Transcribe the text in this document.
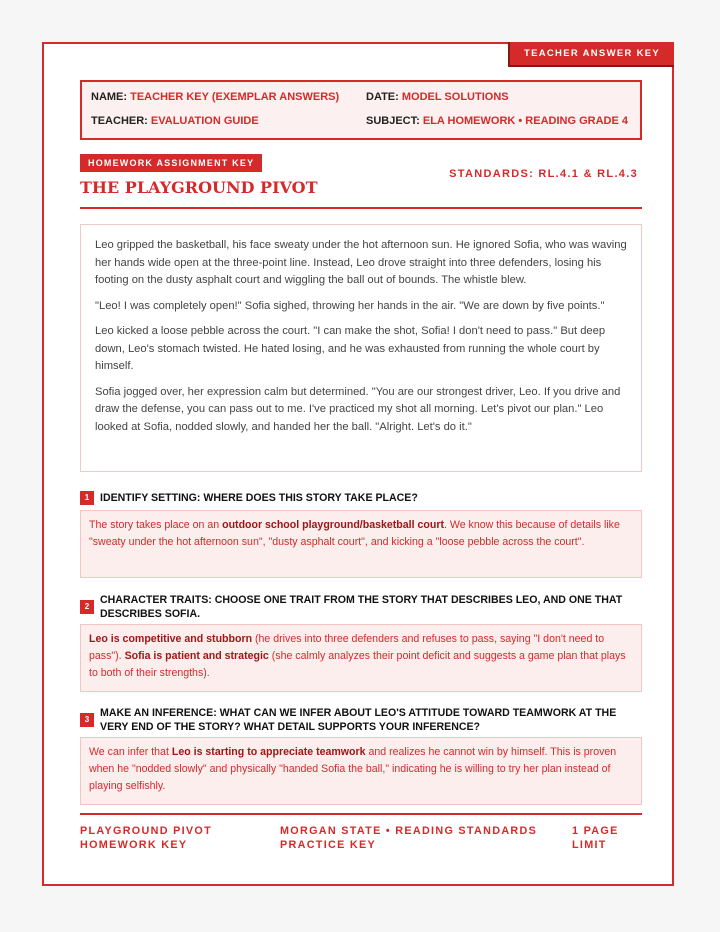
TEACHER ANSWER KEY
NAME: TEACHER KEY (EXEMPLAR ANSWERS) DATE: MODEL SOLUTIONS
TEACHER: EVALUATION GUIDE	SUBJECT: ELA HOMEWORK • READING GRADE 4
HOMEWORK ASSIGNMENT KEY
THE PLAYGROUND PIVOT
STANDARDS: RL.4.1 & RL.4.3

Leo gripped the basketball, his face sweaty under the hot afternoon sun. He ignored Sofia, who was waving her hands wide open at the three-point line. Instead, Leo drove straight into three defenders, losing his footing on the dusty asphalt court and wiggling the ball out of bounds. The whistle blew.

"Leo! I was completely open!" Sofia sighed, throwing her hands in the air. "We are down by five points."

Leo kicked a loose pebble across the court. "I can make the shot, Sofia! I don't need to pass." But deep down, Leo's stomach twisted. He hated losing, and he was exhausted from running the whole court by himself.

Sofia jogged over, her expression calm but determined. "You are our strongest driver, Leo. If you drive and draw the defense, you can pass out to me. I've practiced my shot all morning. Let's pivot our plan." Leo looked at Sofia, nodded slowly, and handed her the ball. "Alright. Let's do it."

1	IDENTIFY SETTING: WHERE DOES THIS STORY TAKE PLACE?
The story takes place on an outdoor school playground/basketball court. We know this because of details like "sweaty under the hot afternoon sun", "dusty asphalt court", and kicking a "loose pebble across the court".
2
CHARACTER TRAITS: CHOOSE ONE TRAIT FROM THE STORY THAT DESCRIBES LEO, AND ONE THAT DESCRIBES SOFIA.
Leo is competitive and stubborn (he drives into three defenders and refuses to pass, saying "I don't need to pass"). Sofia is patient and strategic (she calmly analyzes their point deficit and suggests a game plan that plays to both of their strengths).
3
MAKE AN INFERENCE: WHAT CAN WE INFER ABOUT LEO'S ATTITUDE TOWARD TEAMWORK AT THE VERY END OF THE STORY? WHAT DETAIL SUPPORTS YOUR INFERENCE?
We can infer that Leo is starting to appreciate teamwork and realizes he cannot win by himself. This is proven when he "nodded slowly" and physically "handed Sofia the ball," indicating he is willing to try her plan instead of playing selfishly.
PLAYGROUND PIVOT
HOMEWORK KEY
MORGAN STATE • READING STANDARDS
PRACTICE KEY
1 PAGE
LIMIT
